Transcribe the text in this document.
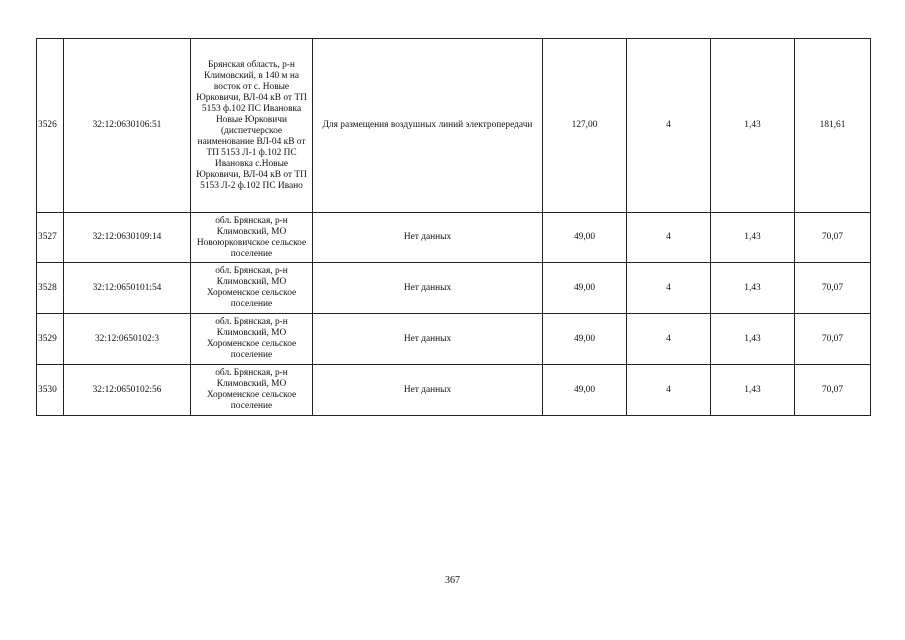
3526	32:12:0630106:51	Брянская область, р-н Климовский, в 140 м на восток от с. Новые Юрковичи, ВЛ-04 кВ от ТП 5153 ф.102 ПС Ивановка Новые Юрковичи (диспетчерское наименование ВЛ-04 кВ от ТП 5153 Л-1 ф.102 ПС Ивановка с.Новые Юрковичи, ВЛ-04 кВ от ТП 5153 Л-2 ф.102 ПС Ивано	Для размещения воздушных линий электропередачи	127,00	4	1,43	181,61
3527	32:12:0630109:14	обл. Брянская, р-н Климовский, МО Новоюрковичское сельское поселение	Нет данных	49,00	4	1,43	70,07
3528	32:12:0650101:54	обл. Брянская, р-н Климовский, МО Хороменское сельское поселение	Нет данных	49,00	4	1,43	70,07
3529	32:12:0650102:3	обл. Брянская, р-н Климовский, МО Хороменское сельское поселение	Нет данных	49,00	4	1,43	70,07
3530	32:12:0650102:56	обл. Брянская, р-н Климовский, МО Хороменское сельское поселение	Нет данных	49,00	4	1,43	70,07
367
